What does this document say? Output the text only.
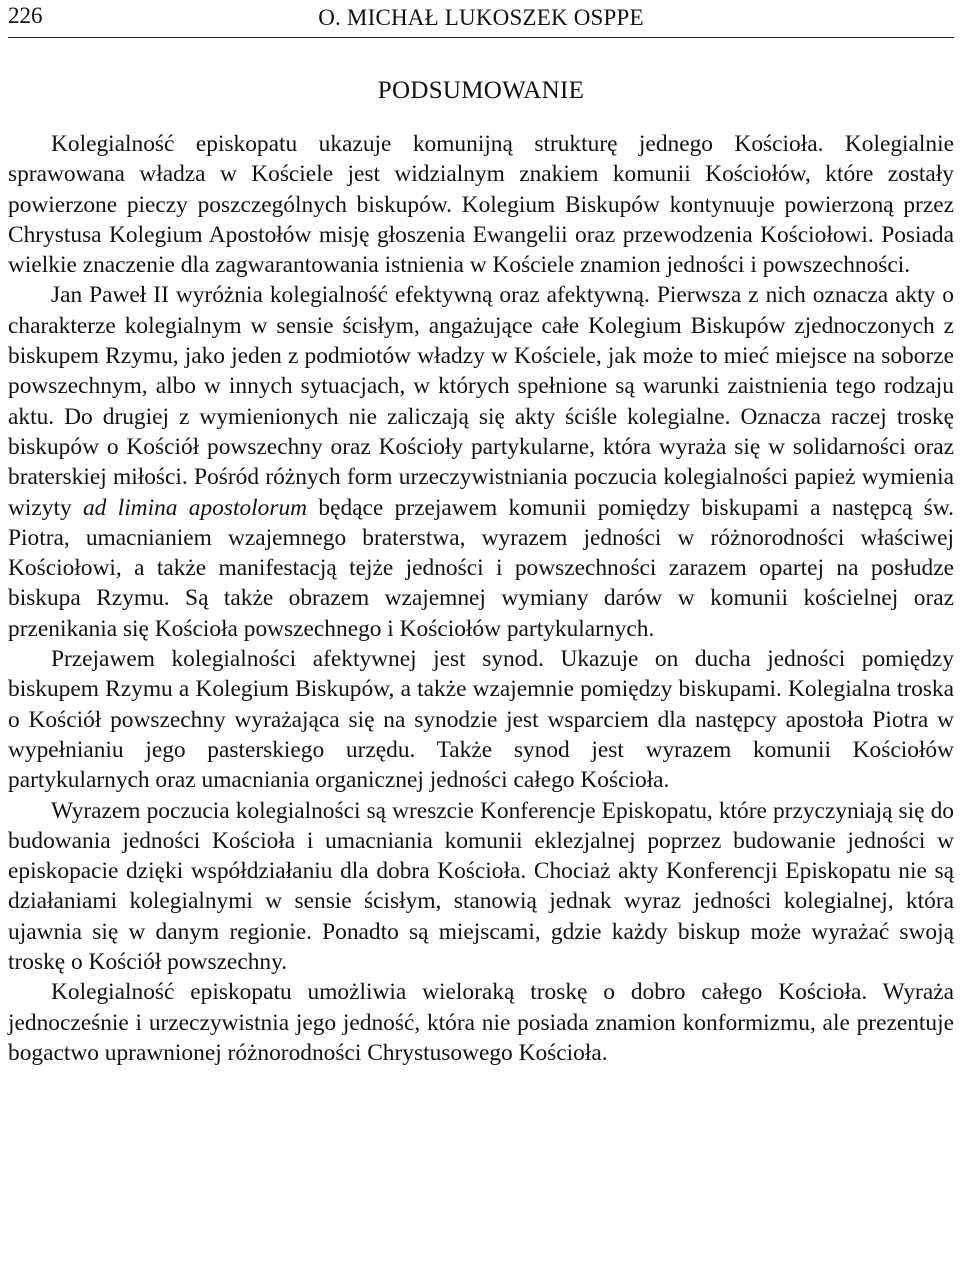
226	O. MICHAŁ LUKOSZEK OSPPE
PODSUMOWANIE

Kolegialność episkopatu ukazuje komunijną strukturę jednego Kościoła. Kolegialnie sprawowana władza w Kościele jest widzialnym znakiem komunii Kościołów, które zostały powierzone pieczy poszczególnych biskupów. Kolegium Biskupów kontynuuje powierzoną przez Chrystusa Kolegium Apostołów misję głoszenia Ewangelii oraz przewodzenia Kościołowi. Posiada wielkie znaczenie dla zagwarantowania istnienia w Kościele znamion jedności i powszechności.

Jan Paweł II wyróżnia kolegialność efektywną oraz afektywną. Pierwsza z nich oznacza akty o charakterze kolegialnym w sensie ścisłym, angażujące całe Kolegium Biskupów zjednoczonych z biskupem Rzymu, jako jeden z podmiotów władzy w Kościele, jak może to mieć miejsce na soborze powszechnym, albo w innych sytuacjach, w których spełnione są warunki zaistnienia tego rodzaju aktu. Do drugiej z wymienionych nie zaliczają się akty ściśle kolegialne. Oznacza raczej troskę biskupów o Kościół powszechny oraz Kościoły partykularne, która wyraża się w solidarności oraz braterskiej miłości. Pośród różnych form urzeczywistniania poczucia kolegialności papież wymienia wizyty ad limina apostolorum będące przejawem komunii pomiędzy biskupami a następcą św. Piotra, umacnianiem wzajemnego braterstwa, wyrazem jedności w różnorodności właściwej Kościołowi, a także manifestacją tejże jedności i powszechności zarazem opartej na posłudze biskupa Rzymu. Są także obrazem wzajemnej wymiany darów w komunii kościelnej oraz przenikania się Kościoła powszechnego i Kościołów partykularnych.

Przejawem kolegialności afektywnej jest synod. Ukazuje on ducha jedności pomiędzy biskupem Rzymu a Kolegium Biskupów, a także wzajemnie pomiędzy biskupami. Kolegialna troska o Kościół powszechny wyrażająca się na synodzie jest wsparciem dla następcy apostoła Piotra w wypełnianiu jego pasterskiego urzędu. Także synod jest wyrazem komunii Kościołów partykularnych oraz umacniania organicznej jedności całego Kościoła.

Wyrazem poczucia kolegialności są wreszcie Konferencje Episkopatu, które przyczyniają się do budowania jedności Kościoła i umacniania komunii eklezjalnej poprzez budowanie jedności w episkopacie dzięki współdziałaniu dla dobra Kościoła. Chociaż akty Konferencji Episkopatu nie są działaniami kolegialnymi w sensie ścisłym, stanowią jednak wyraz jedności kolegialnej, która ujawnia się w danym regionie. Ponadto są miejscami, gdzie każdy biskup może wyrażać swoją troskę o Kościół powszechny.

Kolegialność episkopatu umożliwia wieloraką troskę o dobro całego Kościoła. Wyraża jednocześnie i urzeczywistnia jego jedność, która nie posiada znamion konformizmu, ale prezentuje bogactwo uprawnionej różnorodności Chrystusowego Kościoła.
